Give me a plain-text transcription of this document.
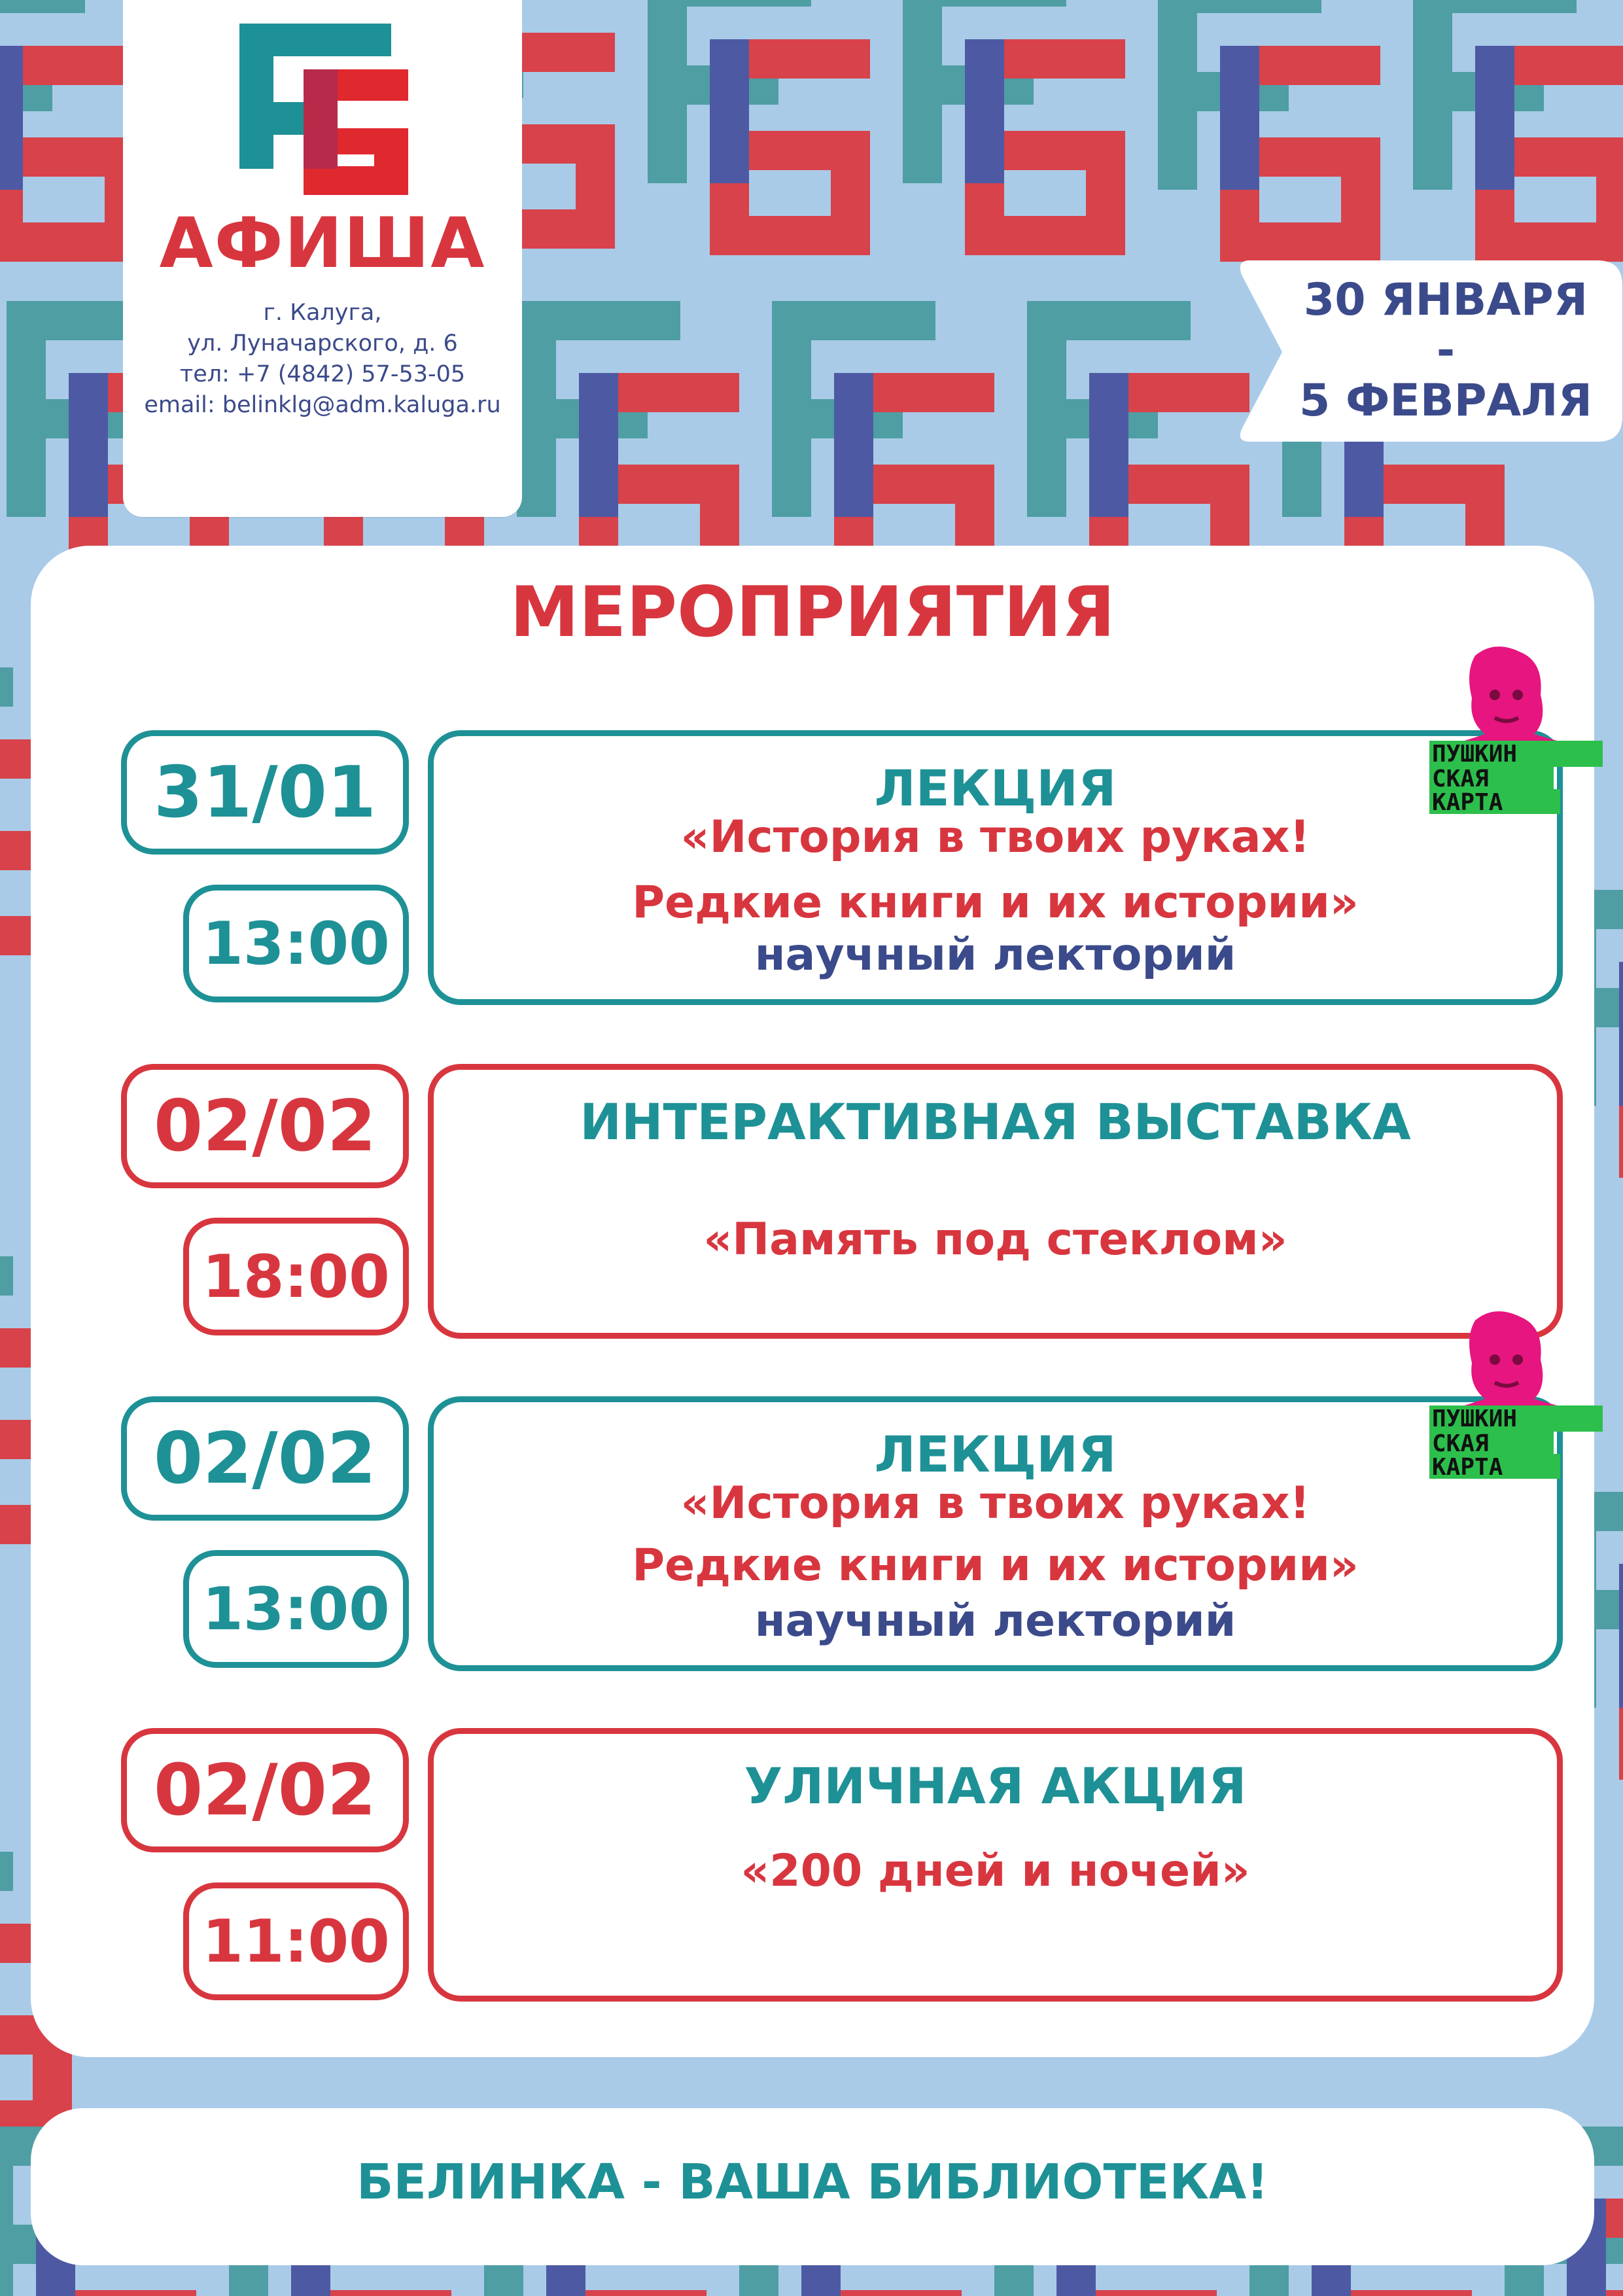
АФИША
г. Калуга,
ул. Луначарского, д. 6
тел: +7 (4842) 57-53-05
email: belinklg@adm.kaluga.ru
30 ЯНВАРЯ
-
5 ФЕВРАЛЯ
МЕРОПРИЯТИЯ
31/01
13:00
ЛЕКЦИЯ
«История в твоих руках!
Редкие книги и их истории»
научный лекторий
02/02
18:00
ИНТЕРАКТИВНАЯ ВЫСТАВКА
«Память под стеклом»
02/02
13:00
ЛЕКЦИЯ
«История в твоих руках!
Редкие книги и их истории»
научный лекторий
02/02
11:00
УЛИЧНАЯ АКЦИЯ
«200 дней и ночей»
ПУШКИН
СКАЯ
КАРТА
ПУШКИН
СКАЯ
КАРТА
БЕЛИНКА - ВАША БИБЛИОТЕКА!
